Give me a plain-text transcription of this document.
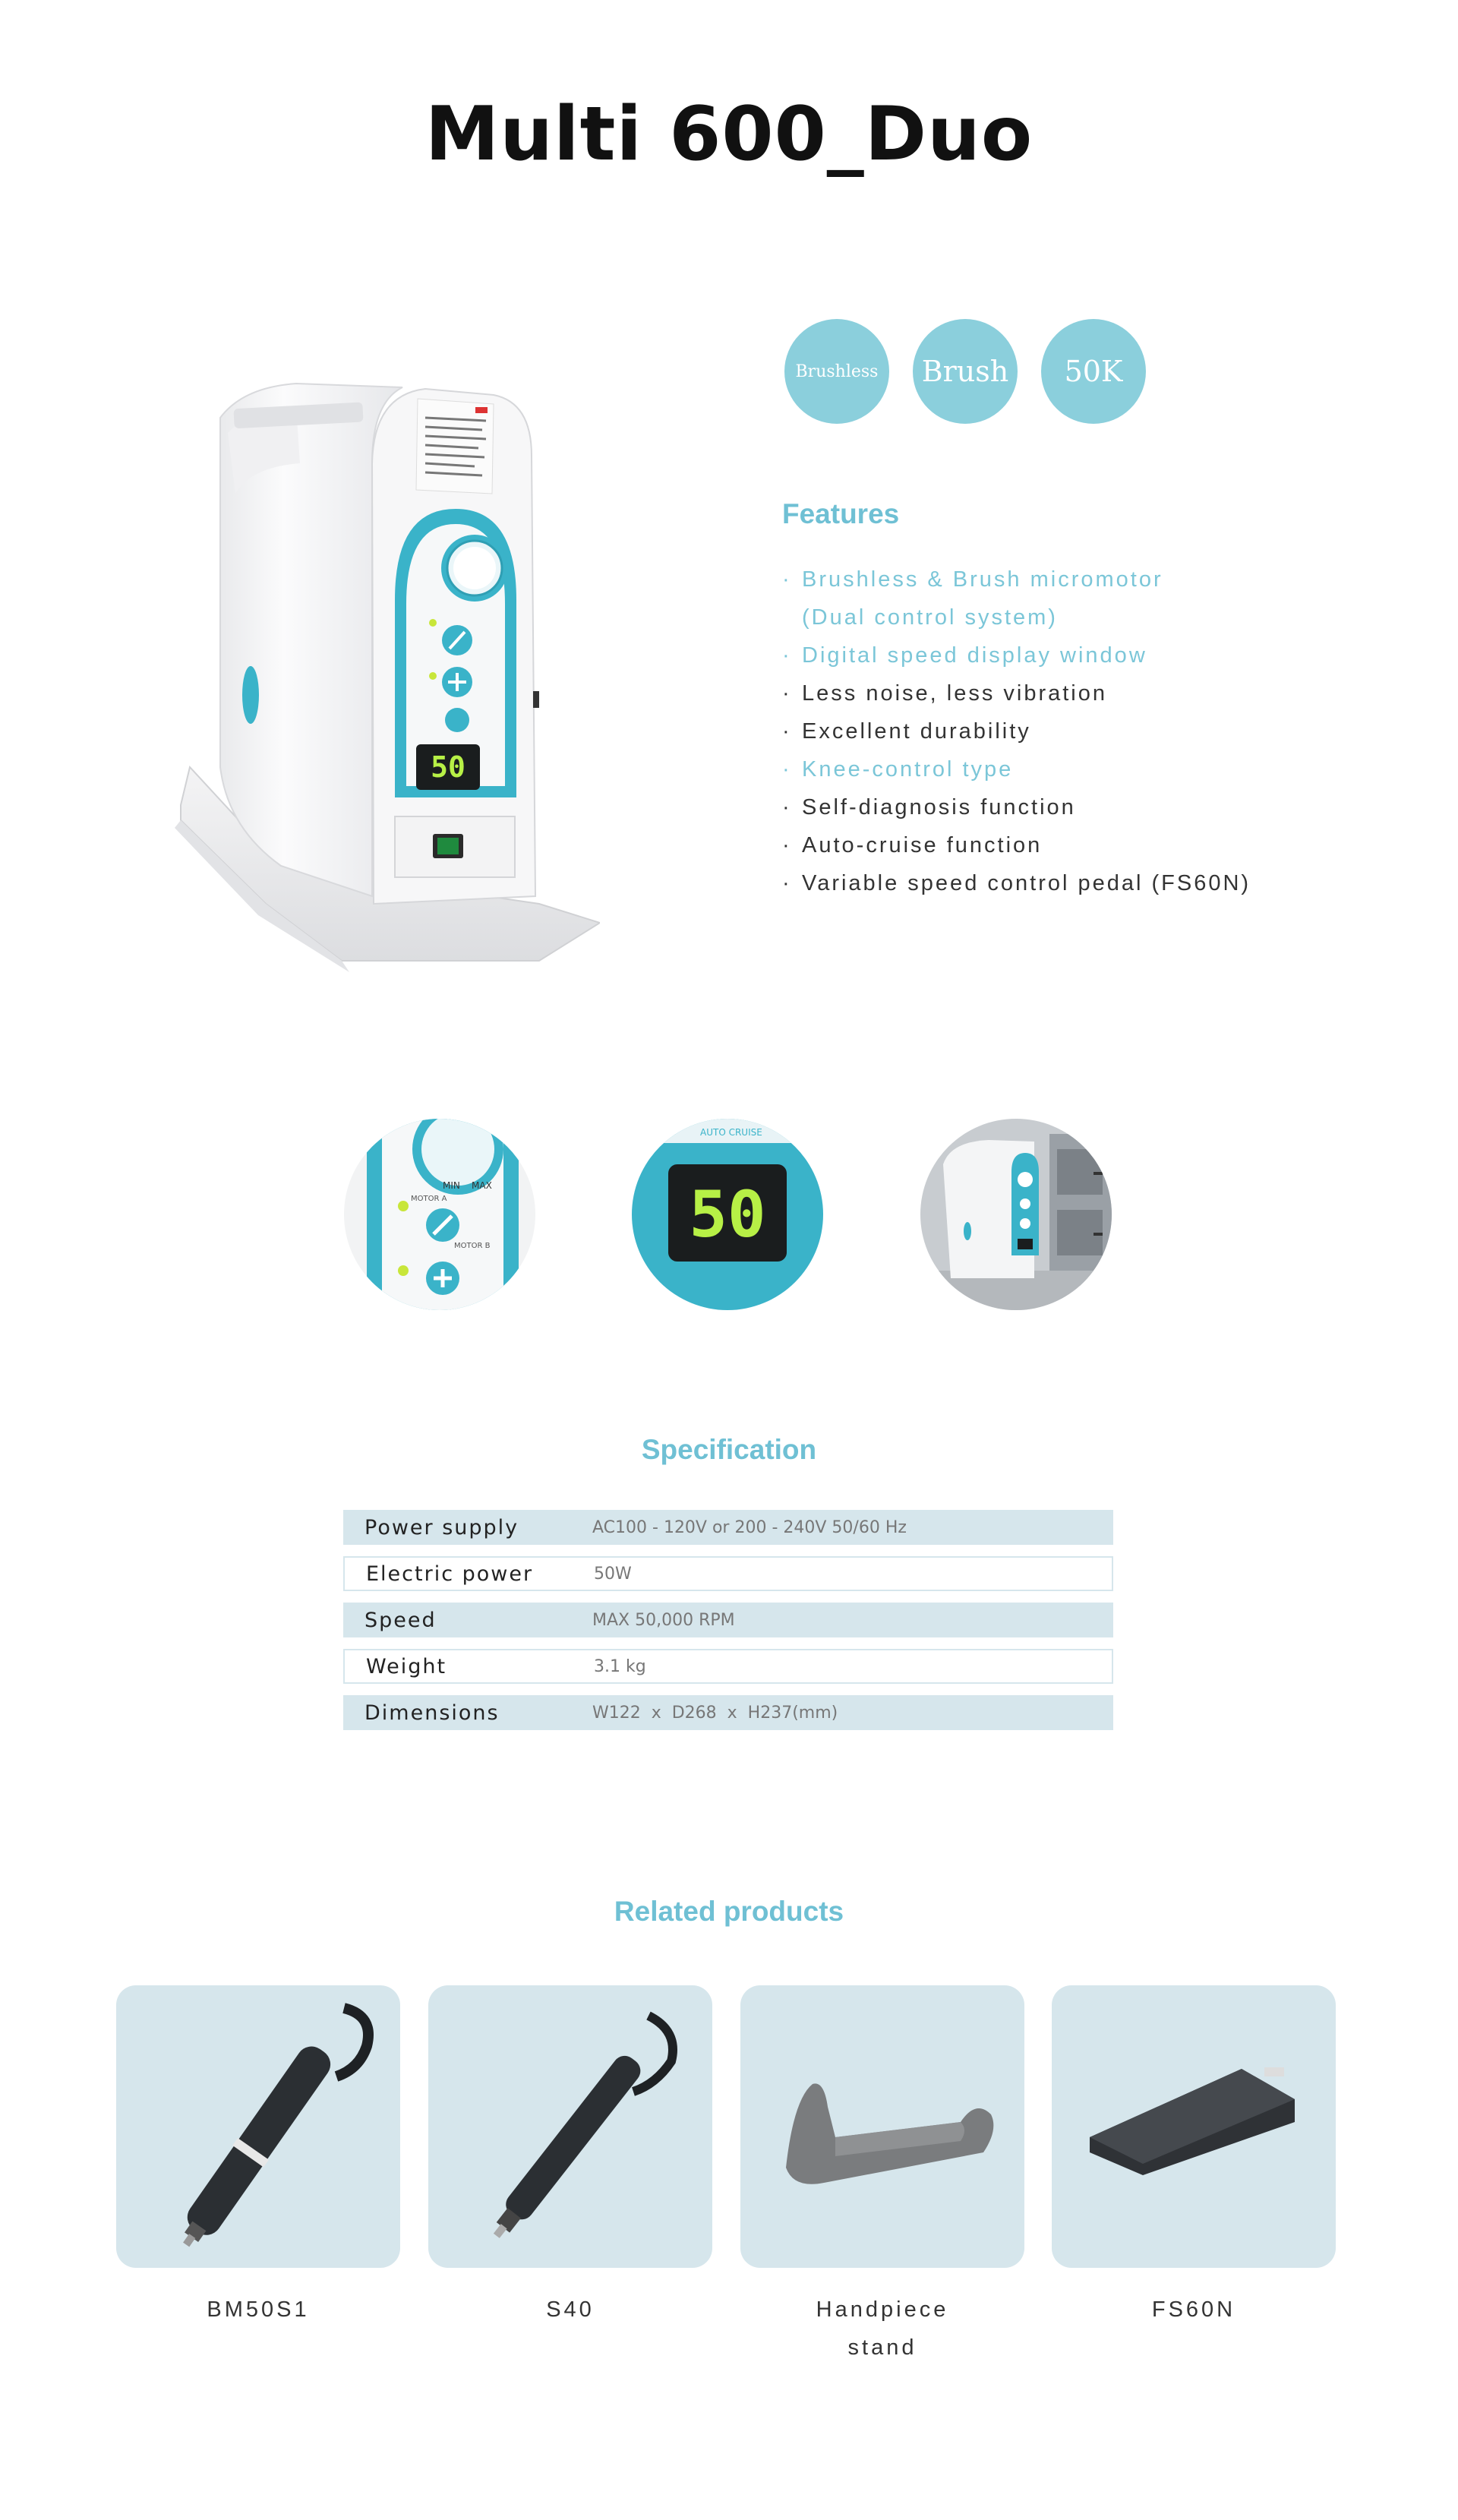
Multi 600_Duo
50
Brushless	Brush	50K
Features
· Brushless & Brush micromotor
(Dual control system)
· Digital speed display window
· Less noise, less vibration
· Excellent durability
· Knee-control type
· Self-diagnosis function
· Auto-cruise function
· Variable speed control pedal (FS60N)
MIN MAX
MOTOR A
MOTOR B
AUTO CRUISE
50
Specification
Power supply	AC100 - 120V or 200 - 240V 50/60 Hz
Electric power	50W
Speed	MAX 50,000 RPM
Weight	3.1 kg
Dimensions	W122  x  D268  x  H237(mm)
Related products
BM50S1	S40	Handpiece
stand
FS60N
